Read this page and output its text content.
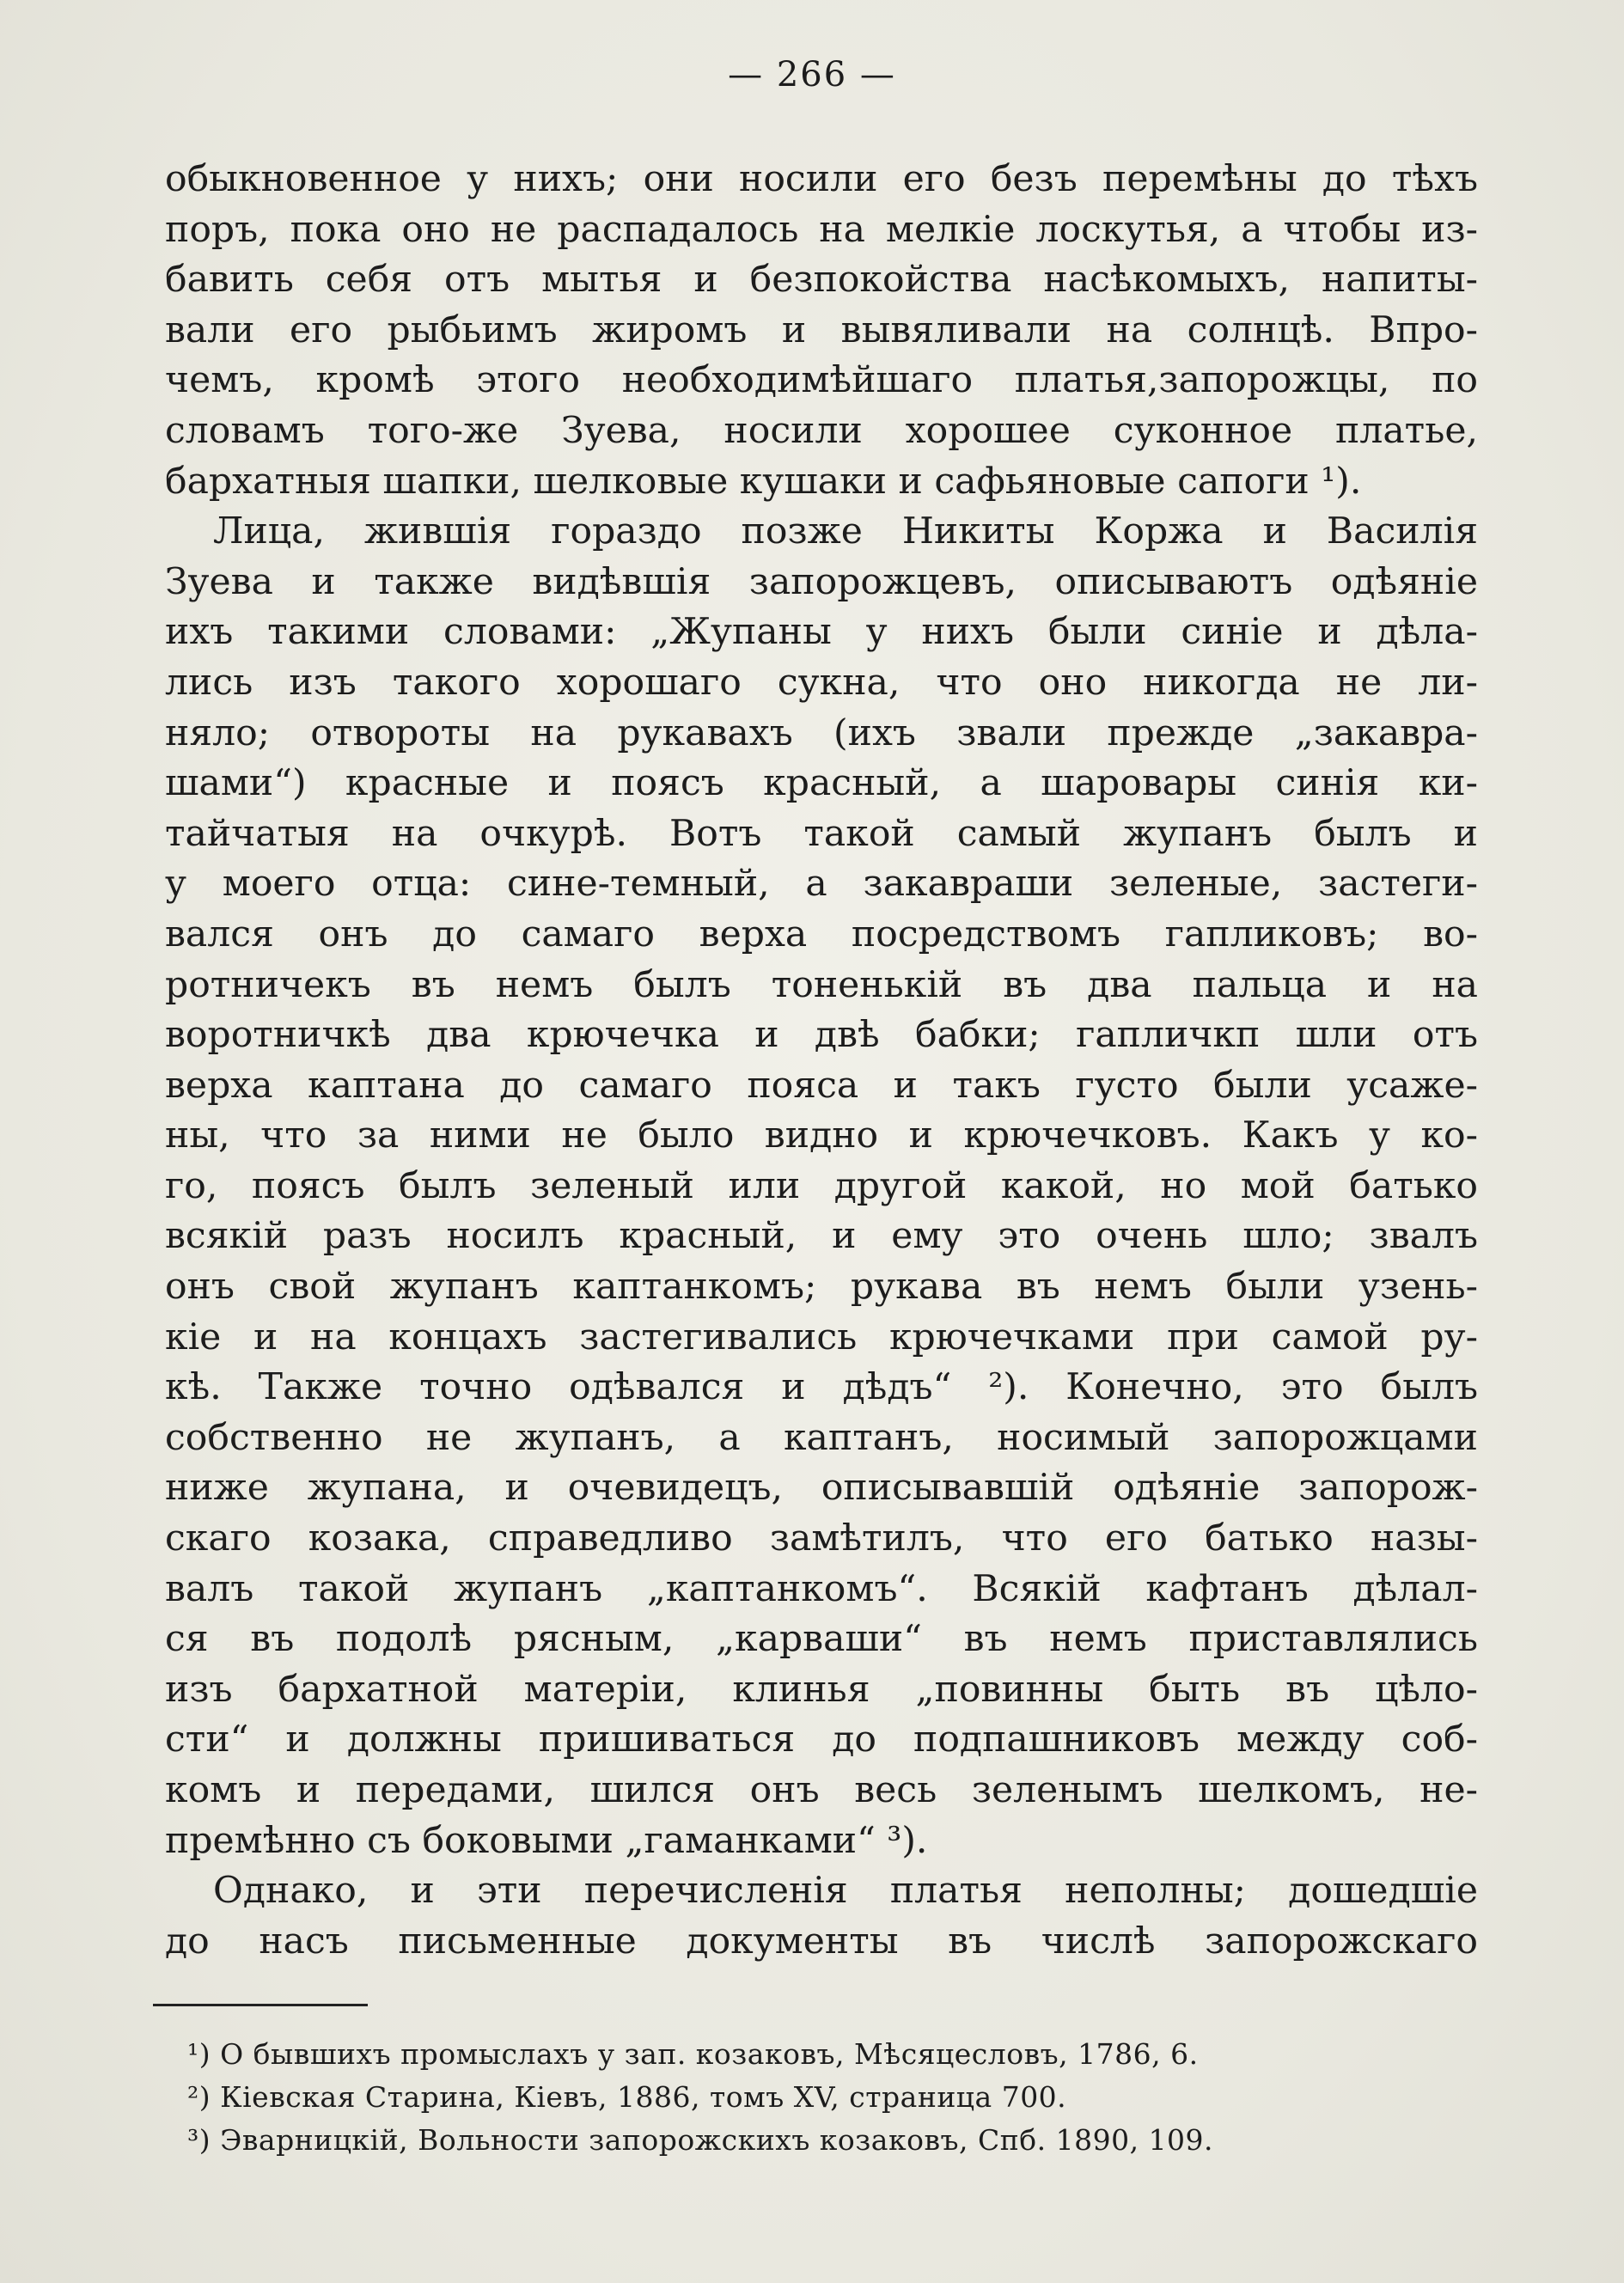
— 266 —
обыкновенное у нихъ; они носили его безъ перемѣны до тѣхъ
поръ, пока оно не распадалось на мелкіе лоскутья, а чтобы из-
бавить себя отъ мытья и безпокойства насѣкомыхъ, напиты-
вали его рыбьимъ жиромъ и вывяливали на солнцѣ. Впро-
чемъ, кромѣ этого необходимѣйшаго платья,запорожцы, по
словамъ того-же Зуева, носили хорошее суконное платье,
бархатныя шапки, шелковые кушаки и сафьяновые сапоги ¹).
Лица, жившія гораздо позже Никиты Коржа и Василія
Зуева и также видѣвшія запорожцевъ, описываютъ одѣяніе
ихъ такими словами: „Жупаны у нихъ были синіе и дѣла-
лись изъ такого хорошаго сукна, что оно никогда не ли-
няло; отвороты на рукавахъ (ихъ звали прежде „закавра-
шами“) красные и поясъ красный, а шаровары синія ки-
тайчатыя на очкурѣ. Вотъ такой самый жупанъ былъ и
у моего отца: сине-темный, а закавраши зеленые, застеги-
вался онъ до самаго верха посредствомъ гапликовъ; во-
ротничекъ въ немъ былъ тоненькій въ два пальца и на
воротничкѣ два крючечка и двѣ бабки; гапличкп шли отъ
верха каптана до самаго пояса и такъ густо были усаже-
ны, что за ними не было видно и крючечковъ. Какъ у ко-
го, поясъ былъ зеленый или другой какой, но мой батько
всякій разъ носилъ красный, и ему это очень шло; звалъ
онъ свой жупанъ каптанкомъ; рукава въ немъ были узень-
кіе и на концахъ застегивались крючечками при самой ру-
кѣ. Также точно одѣвался и дѣдъ“ ²). Конечно, это былъ
собственно не жупанъ, а каптанъ, носимый запорожцами
ниже жупана, и очевидецъ, описывавшій одѣяніе запорож-
скаго козака, справедливо замѣтилъ, что его батько назы-
валъ такой жупанъ „каптанкомъ“. Всякій кафтанъ дѣлал-
ся въ подолѣ рясным, „карваши“ въ немъ приставлялись
изъ бархатной матеріи, клинья „повинны быть въ цѣло-
сти“ и должны пришиваться до подпашниковъ между соб-
комъ и передами, шился онъ весь зеленымъ шелкомъ, не-
премѣнно съ боковыми „гаманками“ ³).
Однако, и эти перечисленія платья неполны; дошедшіе
до насъ письменные документы въ числѣ запорожскаго
¹) О бывшихъ промыслахъ у зап. козаковъ, Мѣсяцесловъ, 1786, 6.
²) Кіевская Старина, Кіевъ, 1886, томъ XV, страница 700.
³) Эварницкій, Вольности запорожскихъ козаковъ, Спб. 1890, 109.
